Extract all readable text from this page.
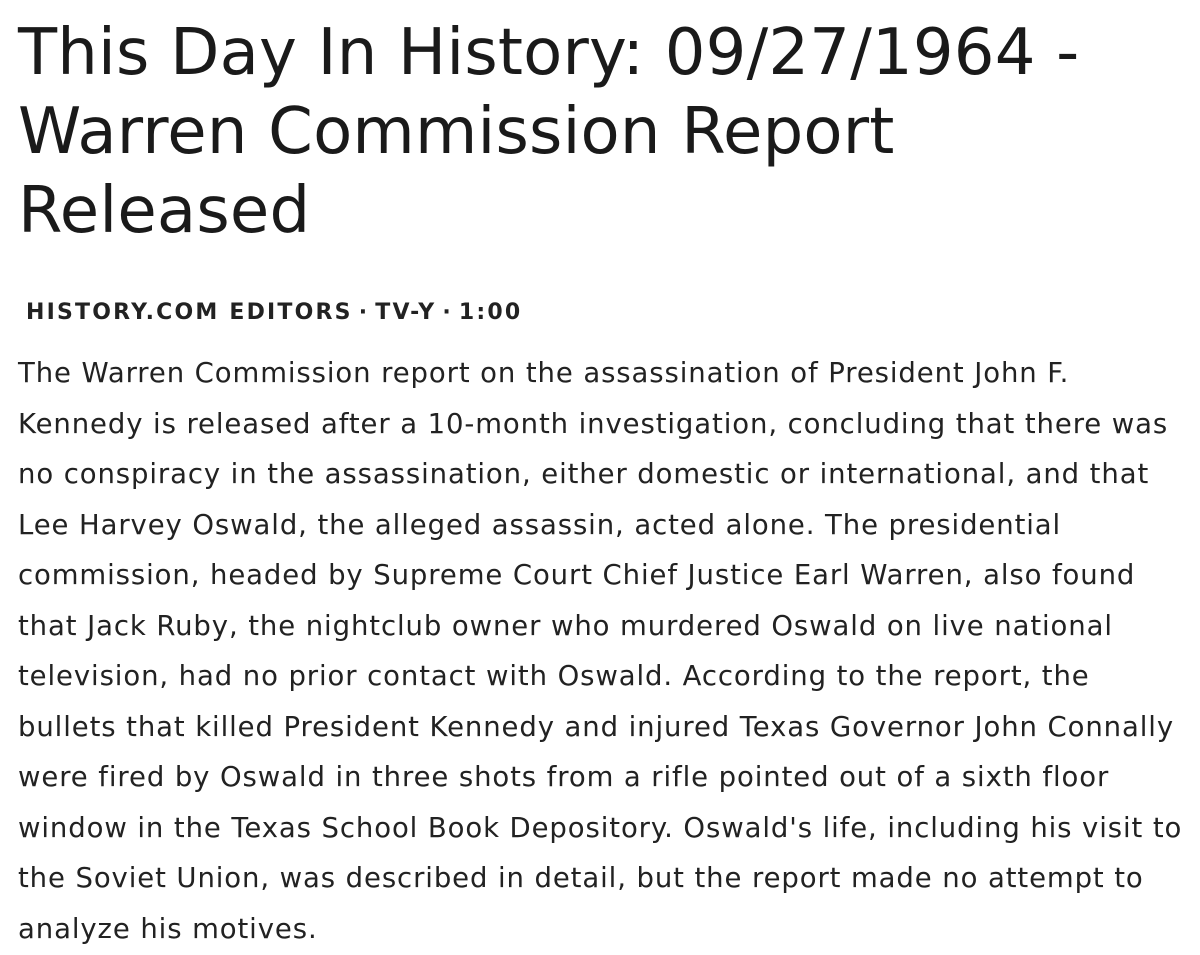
This Day In History: 09/27/1964 - Warren Commission Report Released
HISTORY.COM EDITORS · TV-Y · 1:00

The Warren Commission report on the assassination of President John F. Kennedy is released after a 10-month investigation, concluding that there was no conspiracy in the assassination, either domestic or international, and that Lee Harvey Oswald, the alleged assassin, acted alone. The presidential commission, headed by Supreme Court Chief Justice Earl Warren, also found that Jack Ruby, the nightclub owner who murdered Oswald on live national television, had no prior contact with Oswald. According to the report, the bullets that killed President Kennedy and injured Texas Governor John Connally were fired by Oswald in three shots from a rifle pointed out of a sixth floor window in the Texas School Book Depository. Oswald's life, including his visit to the Soviet Union, was described in detail, but the report made no attempt to analyze his motives.
